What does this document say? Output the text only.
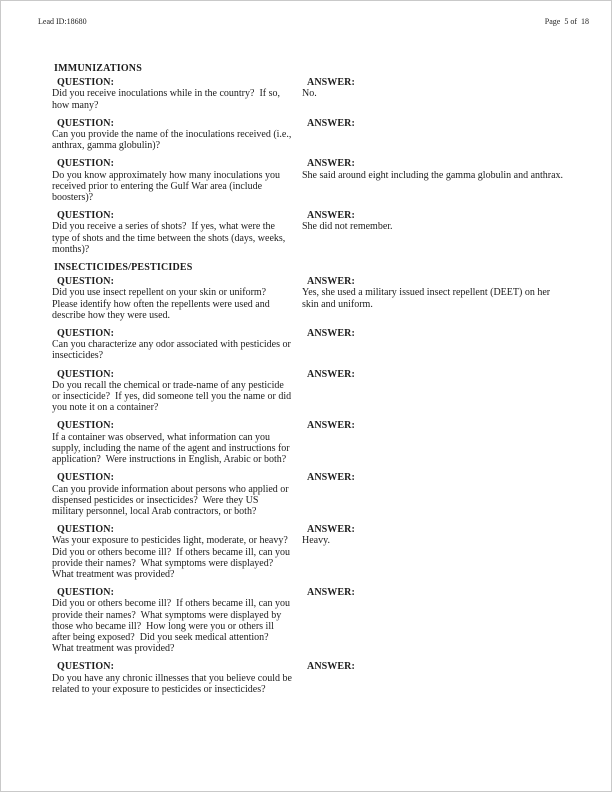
Lead ID:18680	Page  5 of  18
IMMUNIZATIONS
QUESTION:
Did you receive inoculations while in the country?  If so, how many?
ANSWER:
No.
QUESTION:
Can you provide the name of the inoculations received (i.e., anthrax, gamma globulin)?
ANSWER:
QUESTION:
Do you know approximately how many inoculations you received prior to entering the Gulf War area (include boosters)?
ANSWER:
She said around eight including the gamma globulin and anthrax.
QUESTION:
Did you receive a series of shots?  If yes, what were the type of shots and the time between the shots (days, weeks, months)?
ANSWER:
She did not remember.
INSECTICIDES/PESTICIDES
QUESTION:
Did you use insect repellent on your skin or uniform?  Please identify how often the repellents were used and describe how they were used.
ANSWER:
Yes, she used a military issued insect repellent (DEET) on her skin and uniform.
QUESTION:
Can you characterize any odor associated with pesticides or insecticides?
ANSWER:
QUESTION:
Do you recall the chemical or trade-name of any pesticide or insecticide?  If yes, did someone tell you the name or did you note it on a container?
ANSWER:
QUESTION:
If a container was observed, what information can you supply, including the name of the agent and instructions for application?  Were instructions in English, Arabic or both?
ANSWER:
QUESTION:
Can you provide information about persons who applied or dispensed pesticides or insecticides?  Were they US military personnel, local Arab contractors, or both?
ANSWER:
QUESTION:
Was your exposure to pesticides light, moderate, or heavy?  Did you or others become ill?  If others became ill, can you provide their names?  What symptoms were displayed?  What treatment was provided?
ANSWER:
Heavy.
QUESTION:
Did you or others become ill?  If others became ill, can you provide their names?  What symptoms were displayed by those who became ill?  How long were you or others ill after being exposed?  Did you seek medical attention?  What treatment was provided?
ANSWER:
QUESTION:
Do you have any chronic illnesses that you believe could be related to your exposure to pesticides or insecticides?
ANSWER:
